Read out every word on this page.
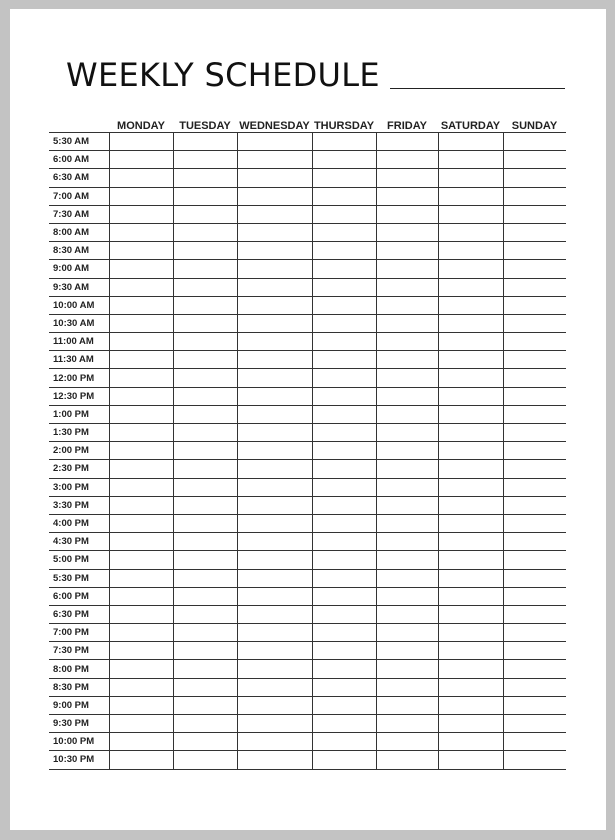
WEEKLY SCHEDULE
	MONDAY	TUESDAY	WEDNESDAY	THURSDAY	FRIDAY	SATURDAY	SUNDAY
5:30 AM							
6:00 AM							
6:30 AM							
7:00 AM							
7:30 AM							
8:00 AM							
8:30 AM							
9:00 AM							
9:30 AM							
10:00 AM							
10:30 AM							
11:00 AM							
11:30 AM							
12:00 PM							
12:30 PM							
1:00 PM							
1:30 PM							
2:00 PM							
2:30 PM							
3:00 PM							
3:30 PM							
4:00 PM							
4:30 PM							
5:00 PM							
5:30 PM							
6:00 PM							
6:30 PM							
7:00 PM							
7:30 PM							
8:00 PM							
8:30 PM							
9:00 PM							
9:30 PM							
10:00 PM							
10:30 PM							
